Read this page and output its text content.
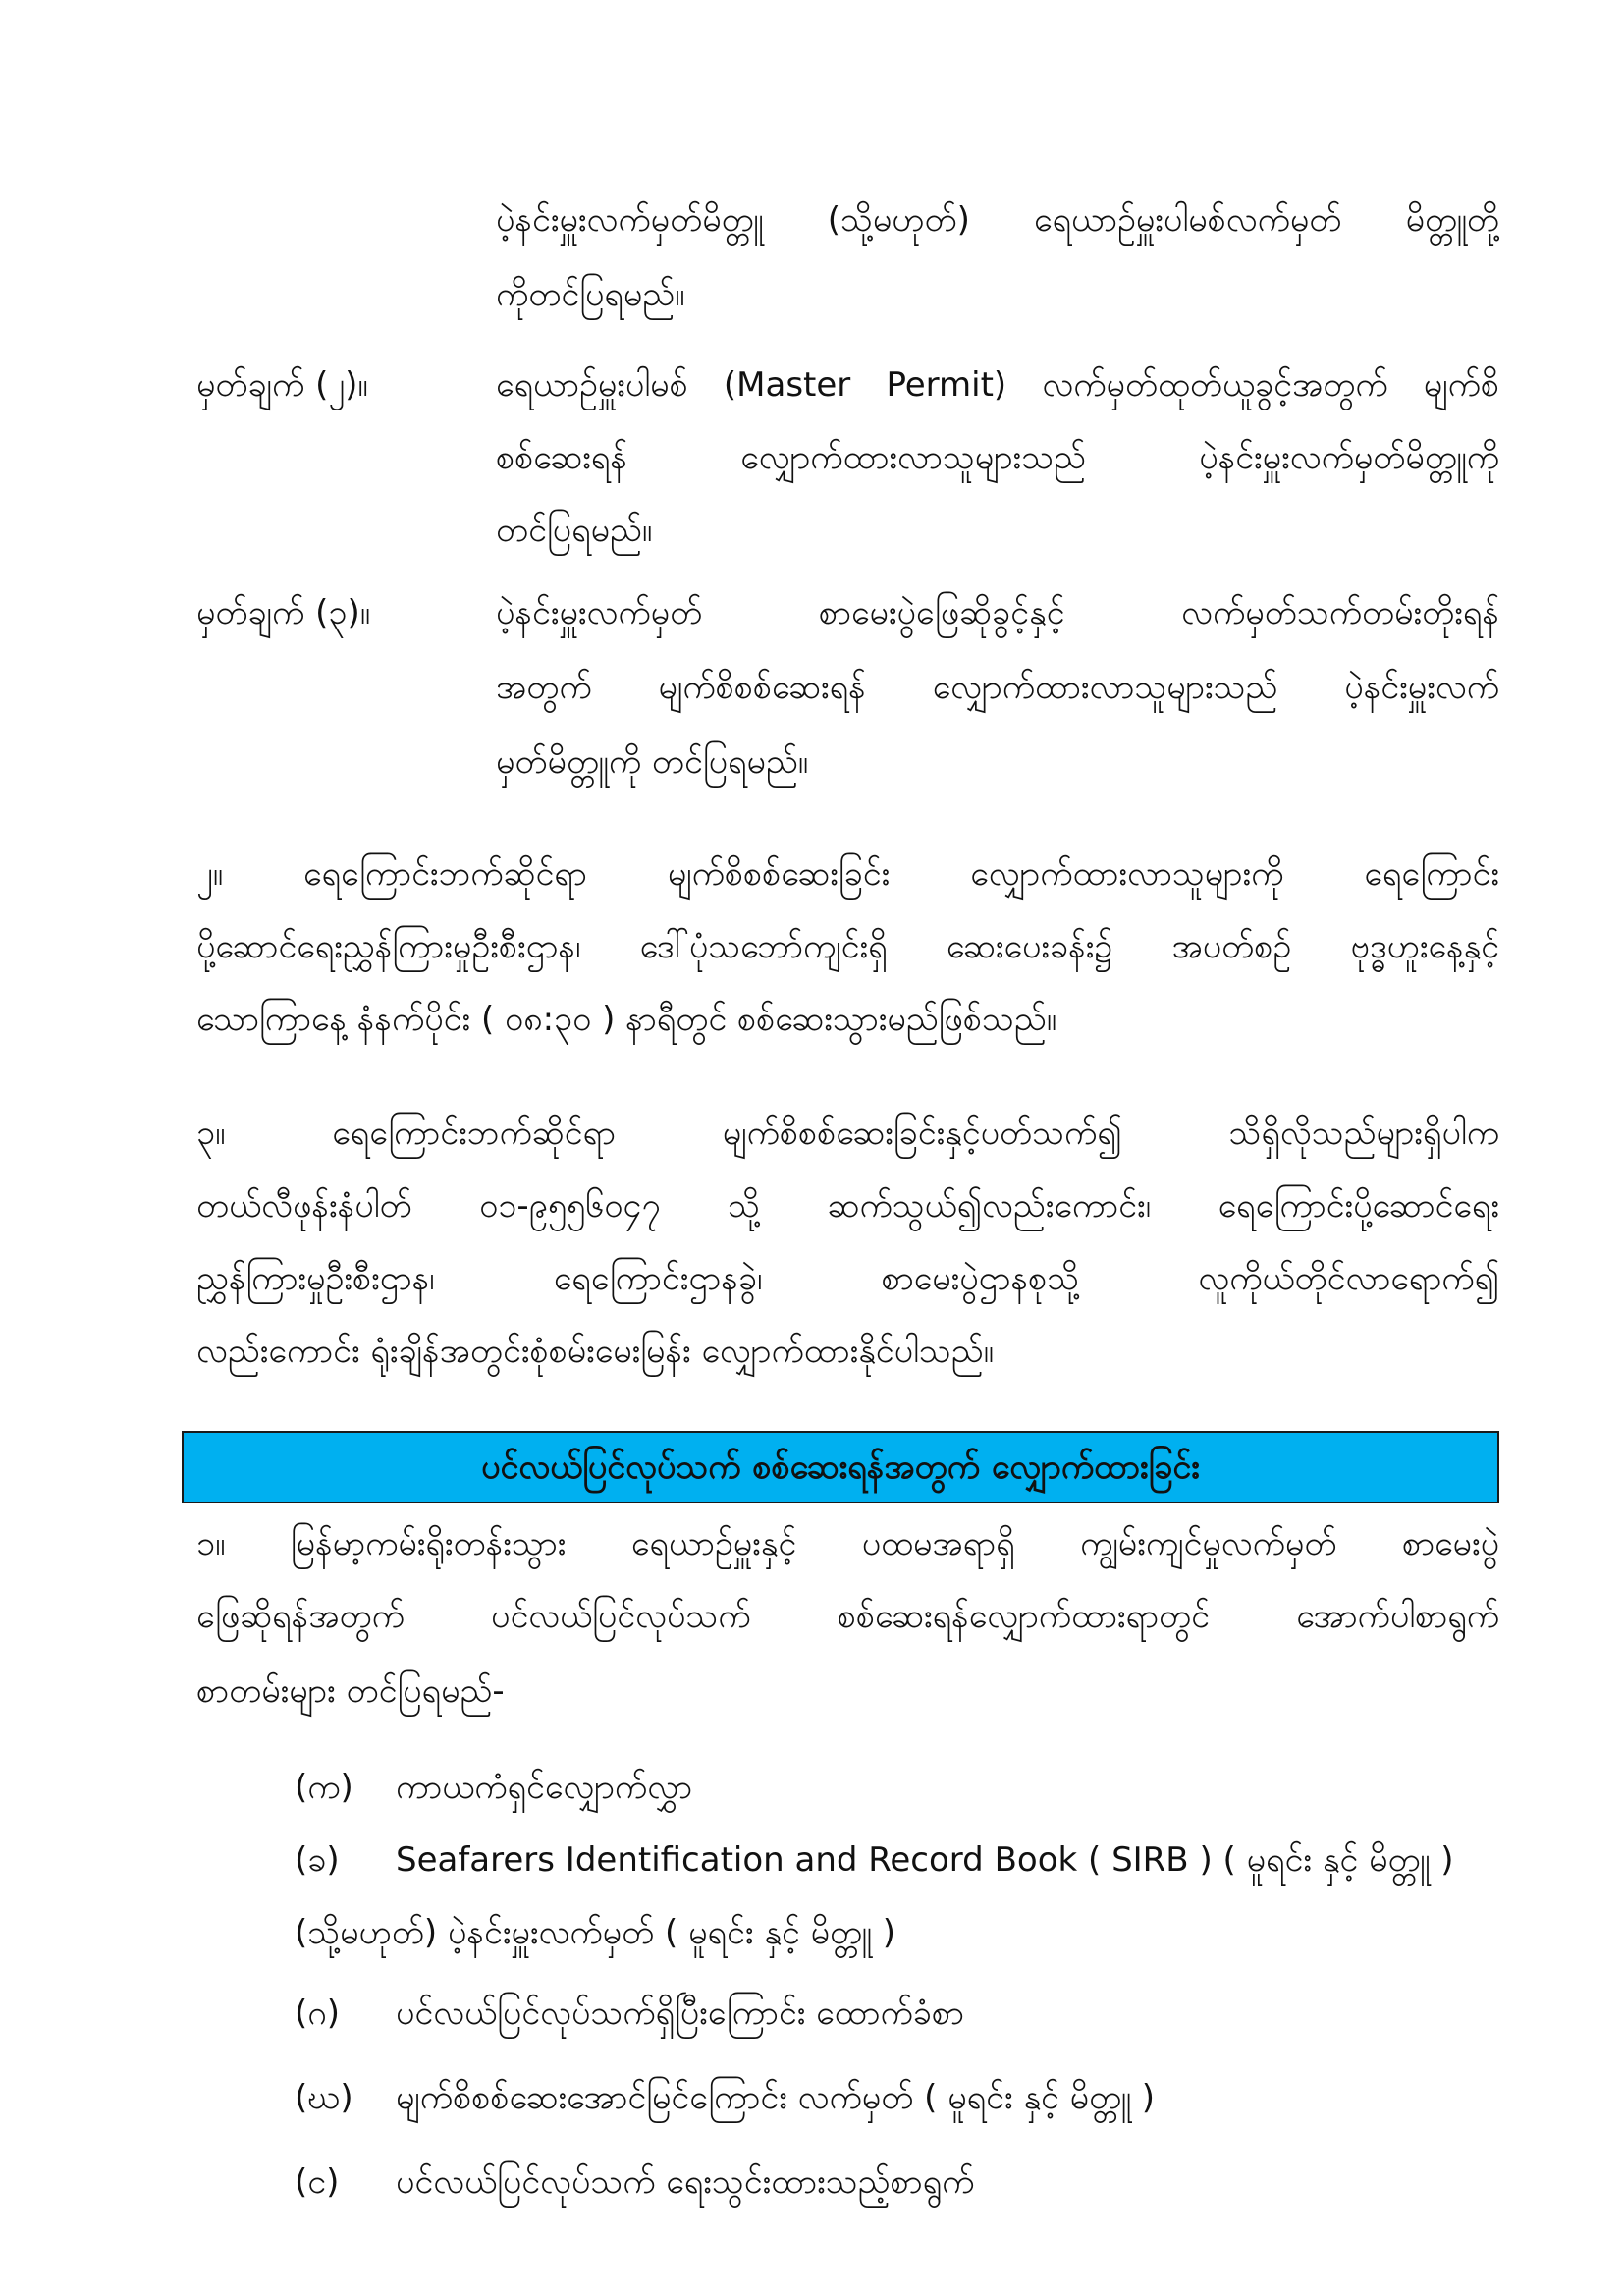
ပဲ့နင်းမှူးလက်မှတ်မိတ္တူ (သို့မဟုတ်) ရေယာဉ်မှူးပါမစ်လက်မှတ် မိတ္တူတို့
ကိုတင်ပြရမည်။
မှတ်ချက် (၂)။	ရေယာဉ်မှူးပါမစ် (Master Permit) လက်မှတ်ထုတ်ယူခွင့်အတွက် မျက်စိ
စစ်ဆေးရန် လျှောက်ထားလာသူများသည် ပဲ့နင်းမှူးလက်မှတ်မိတ္တူကို
တင်ပြရမည်။
မှတ်ချက် (၃)။	ပဲ့နင်းမှူးလက်မှတ် စာမေးပွဲဖြေဆိုခွင့်နှင့် လက်မှတ်သက်တမ်းတိုးရန်
အတွက် မျက်စိစစ်ဆေးရန် လျှောက်ထားလာသူများသည် ပဲ့နင်းမှူးလက်
မှတ်မိတ္တူကို တင်ပြရမည်။
၂။ ရေကြောင်းဘက်ဆိုင်ရာ မျက်စိစစ်ဆေးခြင်း လျှောက်ထားလာသူများကို ရေကြောင်း
ပို့ဆောင်ရေးညွှန်ကြားမှုဦးစီးဌာန၊ ဒေါ်ပုံသဘော်ကျင်းရှိ ဆေးပေးခန်း၌ အပတ်စဉ် ဗုဒ္ဓဟူးနေ့နှင့်
သောကြာနေ့ နံနက်ပိုင်း ( ၀၈:၃၀ ) နာရီတွင် စစ်ဆေးသွားမည်ဖြစ်သည်။
၃။ ရေကြောင်းဘက်ဆိုင်ရာ မျက်စိစစ်ဆေးခြင်းနှင့်ပတ်သက်၍ သိရှိလိုသည်များရှိပါက
တယ်လီဖုန်းနံပါတ် ၀၁-၉၅၅၆၀၄၇ သို့ ဆက်သွယ်၍လည်းကောင်း၊ ရေကြောင်းပို့ဆောင်ရေး
ညွှန်ကြားမှုဦးစီးဌာန၊ ရေကြောင်းဌာနခွဲ၊ စာမေးပွဲဌာနစုသို့ လူကိုယ်တိုင်လာရောက်၍
လည်းကောင်း ရုံးချိန်အတွင်းစုံစမ်းမေးမြန်း လျှောက်ထားနိုင်ပါသည်။
ပင်လယ်ပြင်လုပ်သက် စစ်ဆေးရန်အတွက် လျှောက်ထားခြင်း
၁။ မြန်မာ့ကမ်းရိုးတန်းသွား ရေယာဉ်မှူးနှင့် ပထမအရာရှိ ကျွမ်းကျင်မှုလက်မှတ် စာမေးပွဲ
ဖြေဆိုရန်အတွက် ပင်လယ်ပြင်လုပ်သက် စစ်ဆေးရန်လျှောက်ထားရာတွင် အောက်ပါစာရွက်
စာတမ်းများ တင်ပြရမည်-
(က) ကာယကံရှင်လျှောက်လွှာ
(ခ) Seafarers Identification and Record Book ( SIRB ) ( မူရင်း နှင့် မိတ္တူ )
(သို့မဟုတ်) ပဲ့နင်းမှူးလက်မှတ် ( မူရင်း နှင့် မိတ္တူ )
(ဂ) ပင်လယ်ပြင်လုပ်သက်ရှိပြီးကြောင်း ထောက်ခံစာ
(ဃ) မျက်စိစစ်ဆေးအောင်မြင်ကြောင်း လက်မှတ် ( မူရင်း နှင့် မိတ္တူ )
(င) ပင်လယ်ပြင်လုပ်သက် ရေးသွင်းထားသည့်စာရွက်
